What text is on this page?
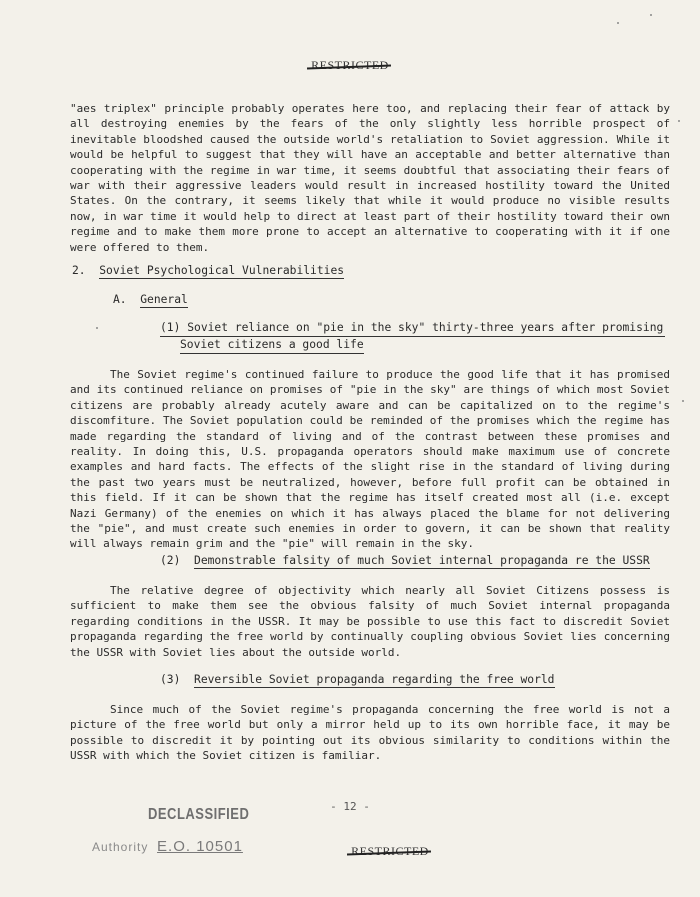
RESTRICTED

"aes triplex" principle probably operates here too, and replacing their fear of attack by all destroying enemies by the fears of the only slightly less horrible prospect of inevitable bloodshed caused the outside world's retaliation to Soviet aggression. While it would be helpful to suggest that they will have an acceptable and better alternative than cooperating with the regime in war time, it seems doubtful that associating their fears of war with their aggressive leaders would result in increased hostility toward the United States. On the contrary, it seems likely that while it would produce no visible results now, in war time it would help to direct at least part of their hostility toward their own regime and to make them more prone to accept an alternative to cooperating with it if one were offered to them.

2. Soviet Psychological Vulnerabilities
A. General
(1) Soviet reliance on "pie in the sky" thirty-three years after promising
Soviet citizens a good life

The Soviet regime's continued failure to produce the good life that it has promised and its continued reliance on promises of "pie in the sky" are things of which most Soviet citizens are probably already acutely aware and can be capitalized on to the regime's discomfiture. The Soviet population could be reminded of the promises which the regime has made regarding the standard of living and of the contrast between these promises and reality. In doing this, U.S. propaganda operators should make maximum use of concrete examples and hard facts. The effects of the slight rise in the standard of living during the past two years must be neutralized, however, before full profit can be obtained in this field. If it can be shown that the regime has itself created most all (i.e. except Nazi Germany) of the enemies on which it has always placed the blame for not delivering the "pie", and must create such enemies in order to govern, it can be shown that reality will always remain grim and the "pie" will remain in the sky.

(2) Demonstrable falsity of much Soviet internal propaganda re the USSR

The relative degree of objectivity which nearly all Soviet Citizens possess is sufficient to make them see the obvious falsity of much Soviet internal propaganda regarding conditions in the USSR. It may be possible to use this fact to discredit Soviet propaganda regarding the free world by continually coupling obvious Soviet lies concerning the USSR with Soviet lies about the outside world.

(3) Reversible Soviet propaganda regarding the free world

Since much of the Soviet regime's propaganda concerning the free world is not a picture of the free world but only a mirror held up to its own horrible face, it may be possible to discredit it by pointing out its obvious similarity to conditions within the USSR with which the Soviet citizen is familiar.

- 12 -
DECLASSIFIED
Authority E.O. 10501	RESTRICTED
